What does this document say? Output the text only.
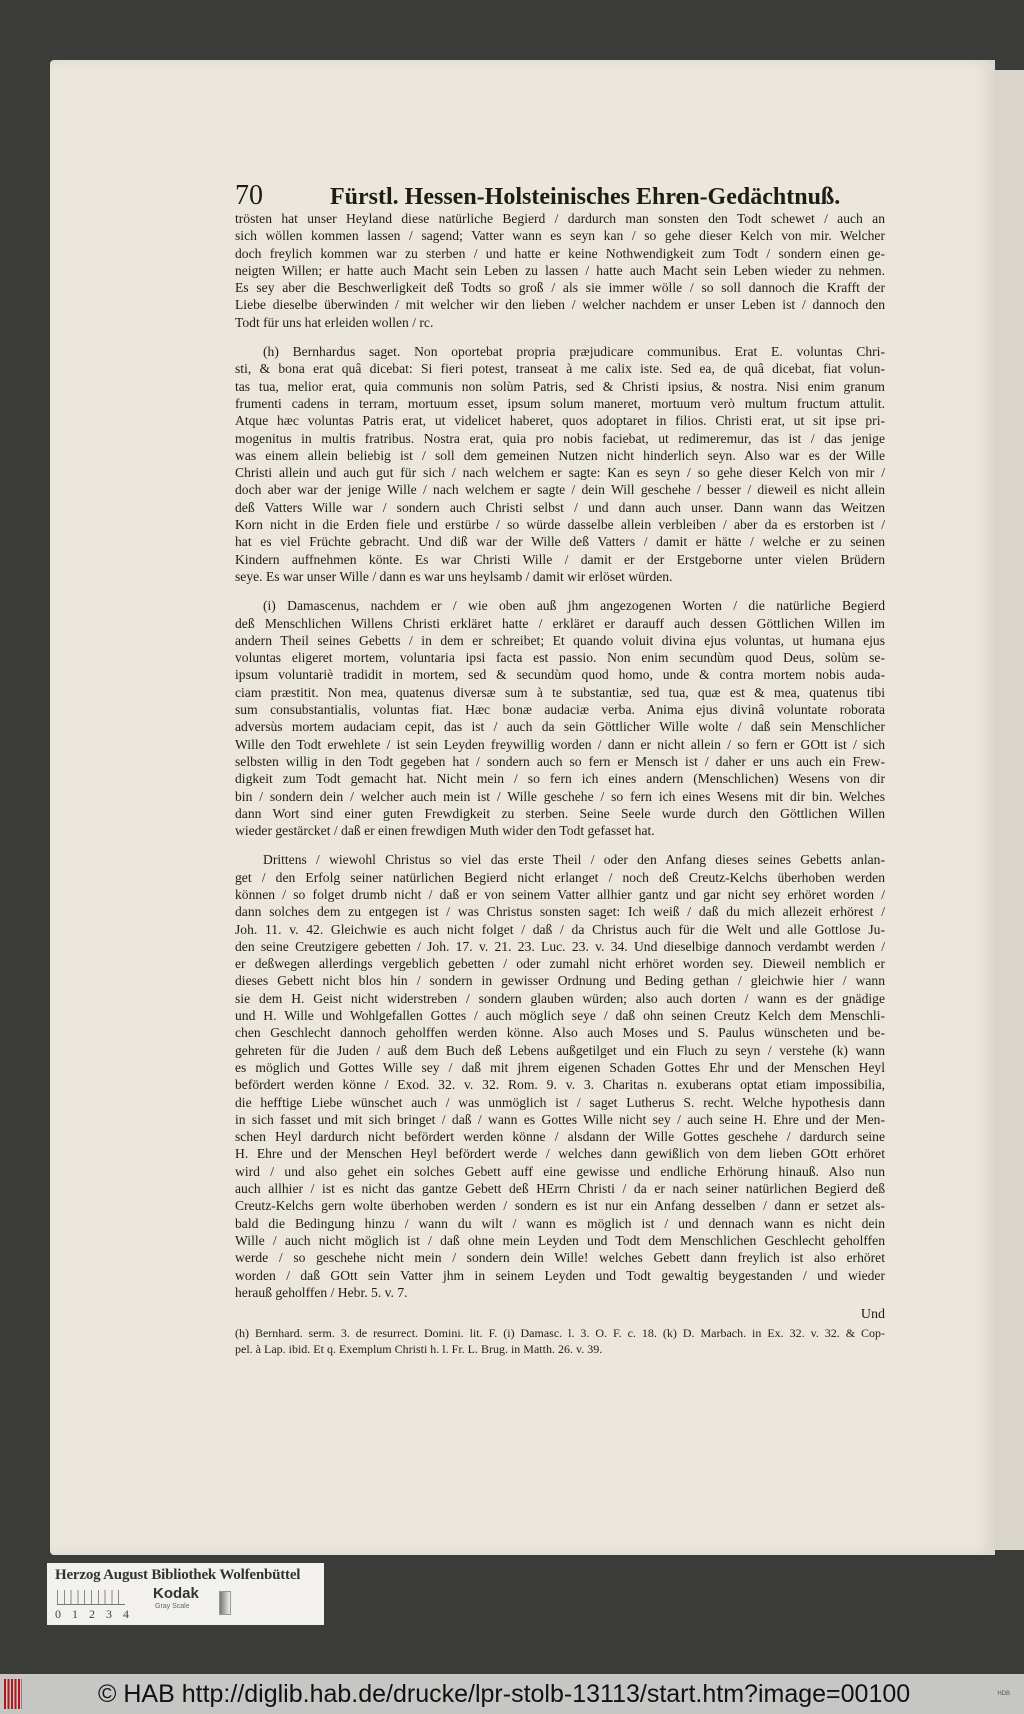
70	Fürstl. Hessen-Holsteinisches Ehren-Gedächtnuß.
trösten hat unser Heyland diese natürliche Begierd / dardurch man sonsten den Todt schewet / auch an
sich wöllen kommen lassen / sagend; Vatter wann es seyn kan / so gehe dieser Kelch von mir. Welcher
doch freylich kommen war zu sterben / und hatte er keine Nothwendigkeit zum Todt / sondern einen ge-
neigten Willen; er hatte auch Macht sein Leben zu lassen / hatte auch Macht sein Leben wieder zu nehmen.
Es sey aber die Beschwerligkeit deß Todts so groß / als sie immer wölle / so soll dannoch die Krafft der
Liebe dieselbe überwinden / mit welcher wir den lieben / welcher nachdem er unser Leben ist / dannoch den
Todt für uns hat erleiden wollen / rc.
(h) Bernhardus saget. Non oportebat propria præjudicare communibus. Erat E. voluntas Chri-
sti, & bona erat quâ dicebat: Si fieri potest, transeat à me calix iste. Sed ea, de quâ dicebat, fiat volun-
tas tua, melior erat, quia communis non solùm Patris, sed & Christi ipsius, & nostra. Nisi enim granum
frumenti cadens in terram, mortuum esset, ipsum solum maneret, mortuum verò multum fructum attulit.
Atque hæc voluntas Patris erat, ut videlicet haberet, quos adoptaret in filios. Christi erat, ut sit ipse pri-
mogenitus in multis fratribus. Nostra erat, quia pro nobis faciebat, ut redimeremur, das ist / das jenige
was einem allein beliebig ist / soll dem gemeinen Nutzen nicht hinderlich seyn. Also war es der Wille
Christi allein und auch gut für sich / nach welchem er sagte: Kan es seyn / so gehe dieser Kelch von mir /
doch aber war der jenige Wille / nach welchem er sagte / dein Will geschehe / besser / dieweil es nicht allein
deß Vatters Wille war / sondern auch Christi selbst / und dann auch unser. Dann wann das Weitzen
Korn nicht in die Erden fiele und erstürbe / so würde dasselbe allein verbleiben / aber da es erstorben ist /
hat es viel Früchte gebracht. Und diß war der Wille deß Vatters / damit er hätte / welche er zu seinen
Kindern auffnehmen könte. Es war Christi Wille / damit er der Erstgeborne unter vielen Brüdern
seye. Es war unser Wille / dann es war uns heylsamb / damit wir erlöset würden.
(i) Damascenus, nachdem er / wie oben auß jhm angezogenen Worten / die natürliche Begierd
deß Menschlichen Willens Christi erkläret hatte / erkläret er darauff auch dessen Göttlichen Willen im
andern Theil seines Gebetts / in dem er schreibet; Et quando voluit divina ejus voluntas, ut humana ejus
voluntas eligeret mortem, voluntaria ipsi facta est passio. Non enim secundùm quod Deus, solùm se-
ipsum voluntariè tradidit in mortem, sed & secundùm quod homo, unde & contra mortem nobis auda-
ciam præstitit. Non mea, quatenus diversæ sum à te substantiæ, sed tua, quæ est & mea, quatenus tibi
sum consubstantialis, voluntas fiat. Hæc bonæ audaciæ verba. Anima ejus divinâ voluntate roborata
adversùs mortem audaciam cepit, das ist / auch da sein Göttlicher Wille wolte / daß sein Menschlicher
Wille den Todt erwehlete / ist sein Leyden freywillig worden / dann er nicht allein / so fern er GOtt ist / sich
selbsten willig in den Todt gegeben hat / sondern auch so fern er Mensch ist / daher er uns auch ein Frew-
digkeit zum Todt gemacht hat. Nicht mein / so fern ich eines andern (Menschlichen) Wesens von dir
bin / sondern dein / welcher auch mein ist / Wille geschehe / so fern ich eines Wesens mit dir bin. Welches
dann Wort sind einer guten Frewdigkeit zu sterben. Seine Seele wurde durch den Göttlichen Willen
wieder gestärcket / daß er einen frewdigen Muth wider den Todt gefasset hat.
Drittens / wiewohl Christus so viel das erste Theil / oder den Anfang dieses seines Gebetts anlan-
get / den Erfolg seiner natürlichen Begierd nicht erlanget / noch deß Creutz-Kelchs überhoben werden
können / so folget drumb nicht / daß er von seinem Vatter allhier gantz und gar nicht sey erhöret worden /
dann solches dem zu entgegen ist / was Christus sonsten saget: Ich weiß / daß du mich allezeit erhörest /
Joh. 11. v. 42. Gleichwie es auch nicht folget / daß / da Christus auch für die Welt und alle Gottlose Ju-
den seine Creutzigere gebetten / Joh. 17. v. 21. 23. Luc. 23. v. 34. Und dieselbige dannoch verdambt werden /
er deßwegen allerdings vergeblich gebetten / oder zumahl nicht erhöret worden sey. Dieweil nemblich er
dieses Gebett nicht blos hin / sondern in gewisser Ordnung und Beding gethan / gleichwie hier / wann
sie dem H. Geist nicht widerstreben / sondern glauben würden; also auch dorten / wann es der gnädige
und H. Wille und Wohlgefallen Gottes / auch möglich seye / daß ohn seinen Creutz Kelch dem Menschli-
chen Geschlecht dannoch geholffen werden könne. Also auch Moses und S. Paulus wünscheten und be-
gehreten für die Juden / auß dem Buch deß Lebens außgetilget und ein Fluch zu seyn / verstehe (k) wann
es möglich und Gottes Wille sey / daß mit jhrem eigenen Schaden Gottes Ehr und der Menschen Heyl
befördert werden könne / Exod. 32. v. 32. Rom. 9. v. 3. Charitas n. exuberans optat etiam impossibilia,
die hefftige Liebe wünschet auch / was unmöglich ist / saget Lutherus S. recht. Welche hypothesis dann
in sich fasset und mit sich bringet / daß / wann es Gottes Wille nicht sey / auch seine H. Ehre und der Men-
schen Heyl dardurch nicht befördert werden könne / alsdann der Wille Gottes geschehe / dardurch seine
H. Ehre und der Menschen Heyl befördert werde / welches dann gewißlich von dem lieben GOtt erhöret
wird / und also gehet ein solches Gebett auff eine gewisse und endliche Erhörung hinauß. Also nun
auch allhier / ist es nicht das gantze Gebett deß HErrn Christi / da er nach seiner natürlichen Begierd deß
Creutz-Kelchs gern wolte überhoben werden / sondern es ist nur ein Anfang desselben / dann er setzet als-
bald die Bedingung hinzu / wann du wilt / wann es möglich ist / und dennach wann es nicht dein
Wille / auch nicht möglich ist / daß ohne mein Leyden und Todt dem Menschlichen Geschlecht geholffen
werde / so geschehe nicht mein / sondern dein Wille! welches Gebett dann freylich ist also erhöret
worden / daß GOtt sein Vatter jhm in seinem Leyden und Todt gewaltig beygestanden / und wieder
herauß geholffen / Hebr. 5. v. 7.
Und
(h) Bernhard. serm. 3. de resurrect. Domini. lit. F. (i) Damasc. l. 3. O. F. c. 18. (k) D. Marbach. in Ex. 32. v. 32. & Cop-
pel. à Lap. ibid. Et q. Exemplum Christi h. l. Fr. L. Brug. in Matth. 26. v. 39.
Herzog August Bibliothek Wolfenbüttel
0 1 2 3 4
Kodak
Gray Scale
© HAB http://diglib.hab.de/drucke/lpr-stolb-13113/start.htm?image=00100	HDB
